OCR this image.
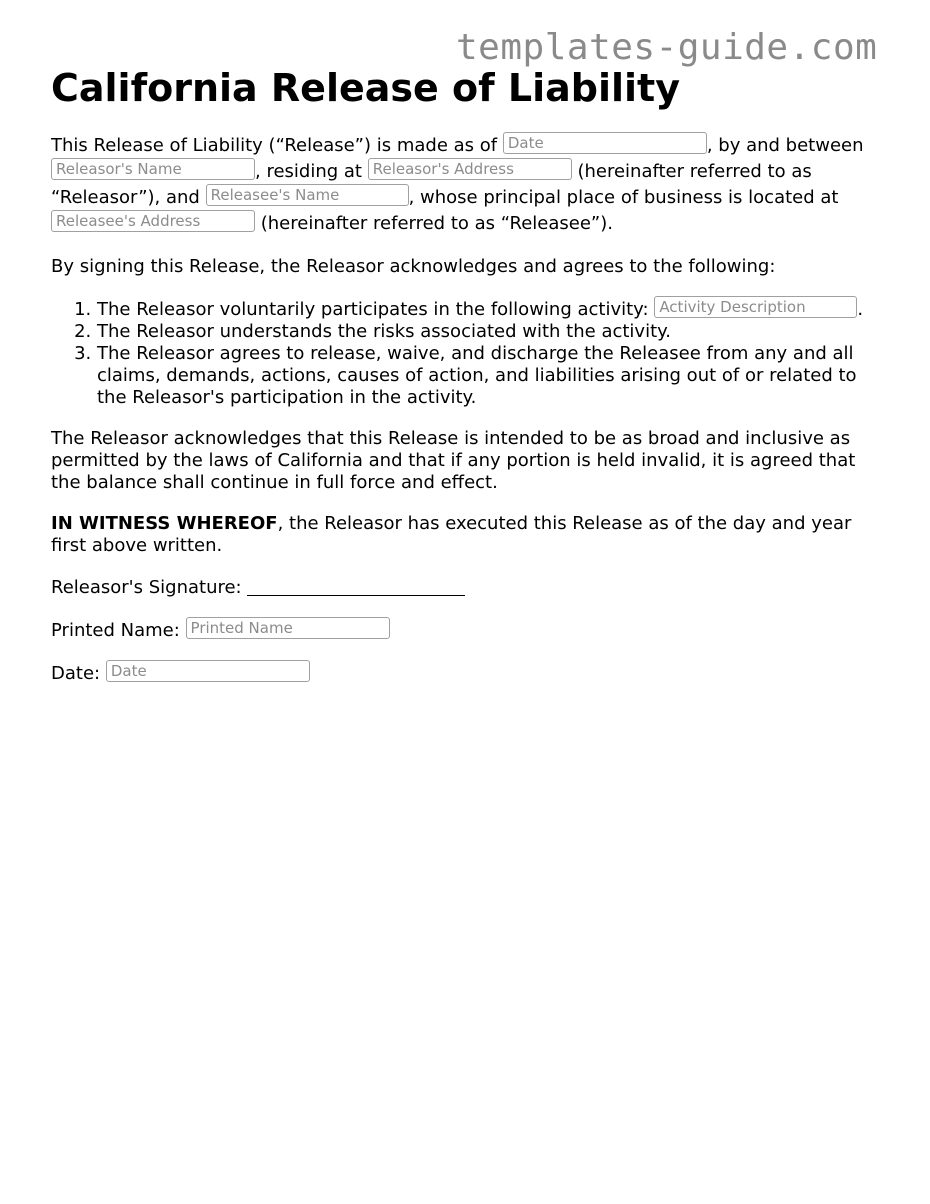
templates-guide.com
California Release of Liability

This Release of Liability (“Release”) is made as of Date	, by and between Releasor's Name	, residing at Releasor's Address	(hereinafter referred to as “Releasor”), and Releasee's Name	, whose principal place of business is located at Releasee's Address	(hereinafter referred to as “Releasee”).

By signing this Release, the Releasor acknowledges and agrees to the following:

1. The Releasor voluntarily participates in the following activity: Activity Description	.
2. The Releasor understands the risks associated with the activity.
3. The Releasor agrees to release, waive, and discharge the Releasee from any and all claims, demands, actions, causes of action, and liabilities arising out of or related to the Releasor's participation in the activity.

The Releasor acknowledges that this Release is intended to be as broad and inclusive as permitted by the laws of California and that if any portion is held invalid, it is agreed that the balance shall continue in full force and effect.

IN WITNESS WHEREOF, the Releasor has executed this Release as of the day and year first above written.

Releasor's Signature:

Printed Name: Printed Name

Date: Date
